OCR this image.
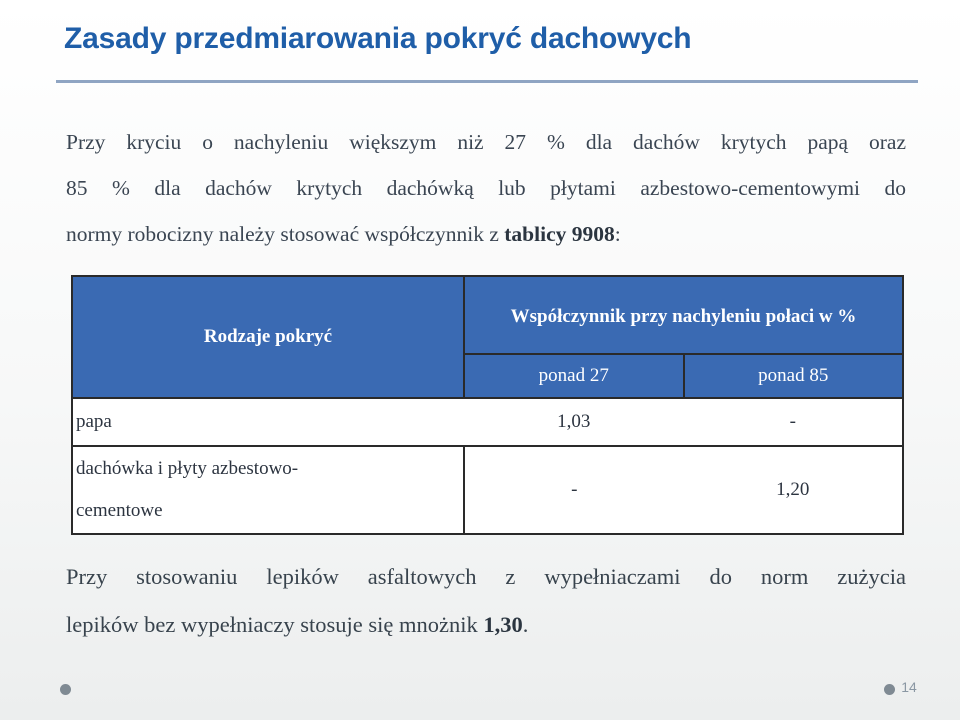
Zasady przedmiarowania pokryć dachowych
Przy kryciu o nachyleniu większym niż 27 % dla dachów krytych papą oraz
85 % dla dachów krytych dachówką lub płytami azbestowo-cementowymi do
normy robocizny należy stosować współczynnik z tablicy 9908:
Rodzaje pokryć	Współczynnik przy nachyleniu połaci w %	
	ponad 27	ponad 85
papa	1,03	-

dachówka i płyty azbestowo-
cementowe	-	1,20
Przy stosowaniu lepików asfaltowych z wypełniaczami do norm zużycia
lepików bez wypełniaczy stosuje się mnożnik 1,30.
14
